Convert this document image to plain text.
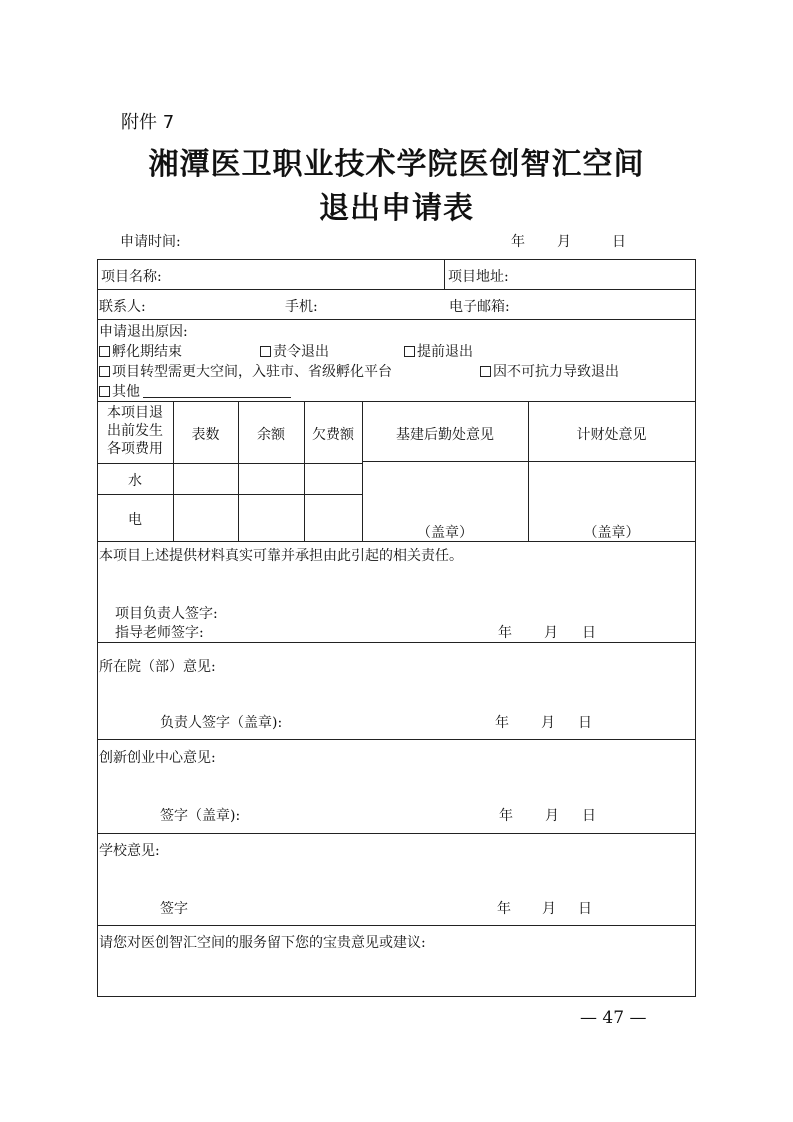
附件 7
湘潭医卫职业技术学院医创智汇空间
退出申请表
申请时间:	年 月	日
项目名称:	项目地址:
联系人:	手机:	电子邮箱:
申请退出原因:
孵化期结束	责令退出	提前退出
项目转型需更大空间，入驻市、省级孵化平台	因不可抗力导致退出
其他
本项目退
出前发生
各项费用
表数	余额	欠费额	基建后勤处意见	计财处意见
水
电
（盖章）	（盖章）
本项目上述提供材料真实可靠并承担由此引起的相关责任。
项目负责人签字:
指导老师签字:	年 月 日
所在院（部）意见:
负责人签字（盖章):	年 月 日
创新创业中心意见:
签字（盖章):	年 月 日
学校意见:
签字	年 月 日
请您对医创智汇空间的服务留下您的宝贵意见或建议:
— 47 —
